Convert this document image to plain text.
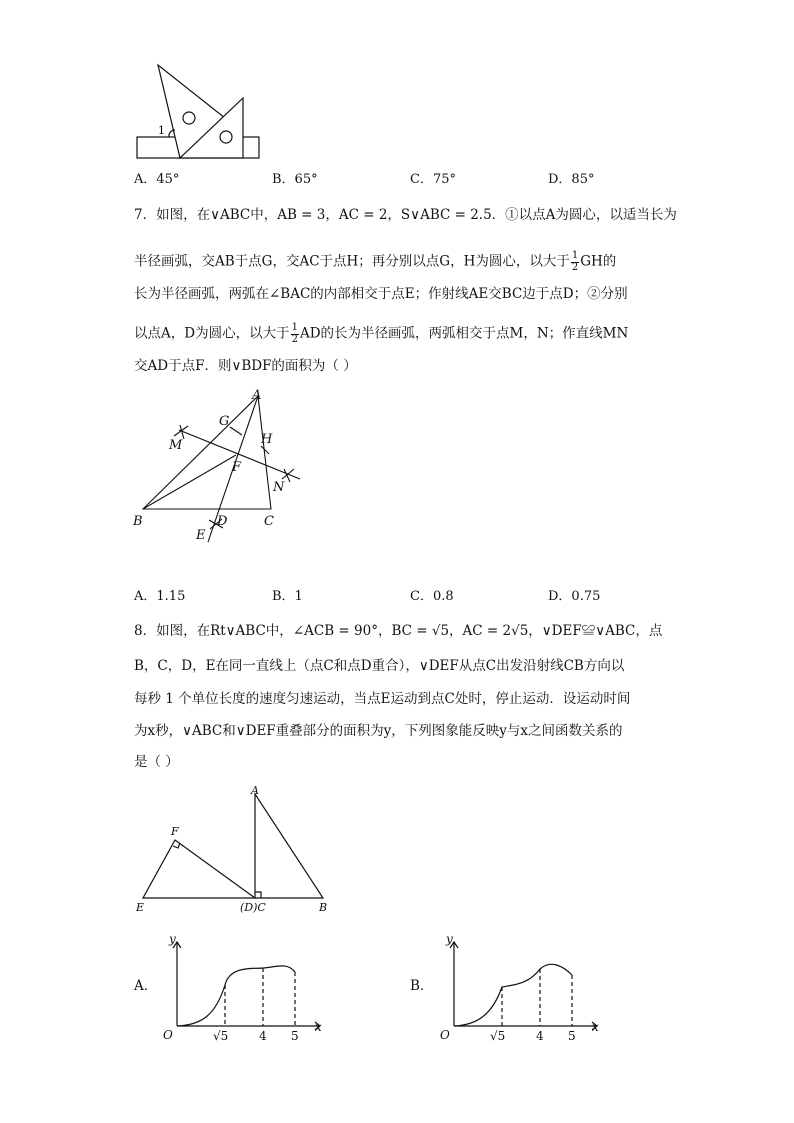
1
A．45°	B．65°	C．75°	D．85°
7．如图，在∨ABC中，AB = 3，AC = 2，S∨ABC = 2.5．①以点A为圆心，以适当长为
半径画弧，交AB于点G，交AC于点H；再分别以点G，H为圆心，以大于 $\frac{1}{2}$ GH的
长为半径画弧，两弧在∠BAC的内部相交于点E；作射线AE交BC边于点D；②分别
以点A，D为圆心，以大于 $\frac{1}{2}$ AD的长为半径画弧，两弧相交于点M，N；作直线MN
交AD于点F．则∨BDF的面积为（ ）
A
B	C
D
E
F
G
H
M
N
A．1.15	B．1	C．0.8	D．0.75
8．如图，在Rt∨ABC中，∠ACB = 90°，BC = √5，AC = 2√5，∨DEF≌∨ABC，点
B，C，D，E在同一直线上（点C和点D重合），∨DEF从点C出发沿射线CB方向以
每秒 1 个单位长度的速度匀速运动，当点E运动到点C处时，停止运动．设运动时间
为x秒，∨ABC和∨DEF重叠部分的面积为y，下列图象能反映y与x之间函数关系的
是（ ）
A
F
E	(D)C	B
A．
y
x
O	√5	4 5
B．
y
x
O	√5	4 5
